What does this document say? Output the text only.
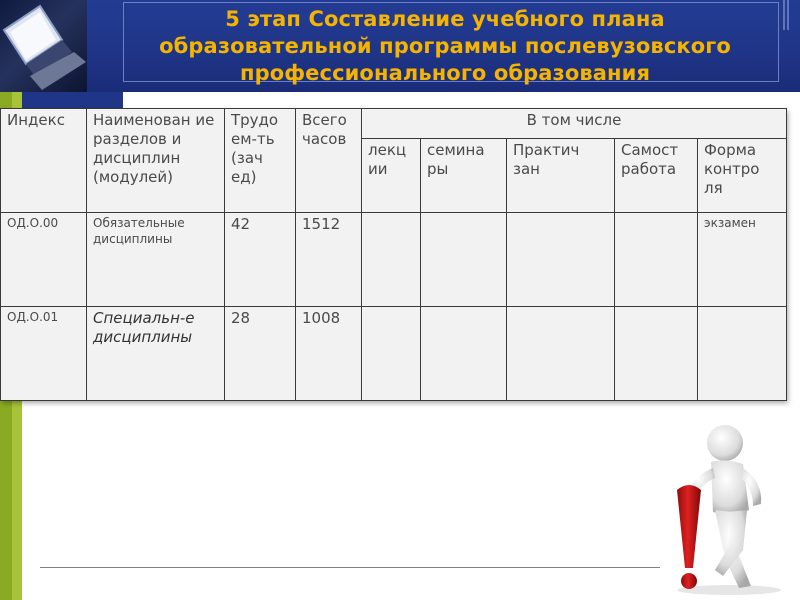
5 этап Составление учебного плана
образовательной программы послевузовского
профессионального образования
Индекс	Наименован ие разделов и дисциплин (модулей)	Трудо ем-ть (зач ед)	Всего часов	В том числе				
				лекц ии	семина ры	Практич зан	Самост работа	Форма контро ля
ОД.О.00	Обязательные дисциплины	42	1512					экзамен
ОД.О.01	Специальн-е дисциплины	28	1008					
